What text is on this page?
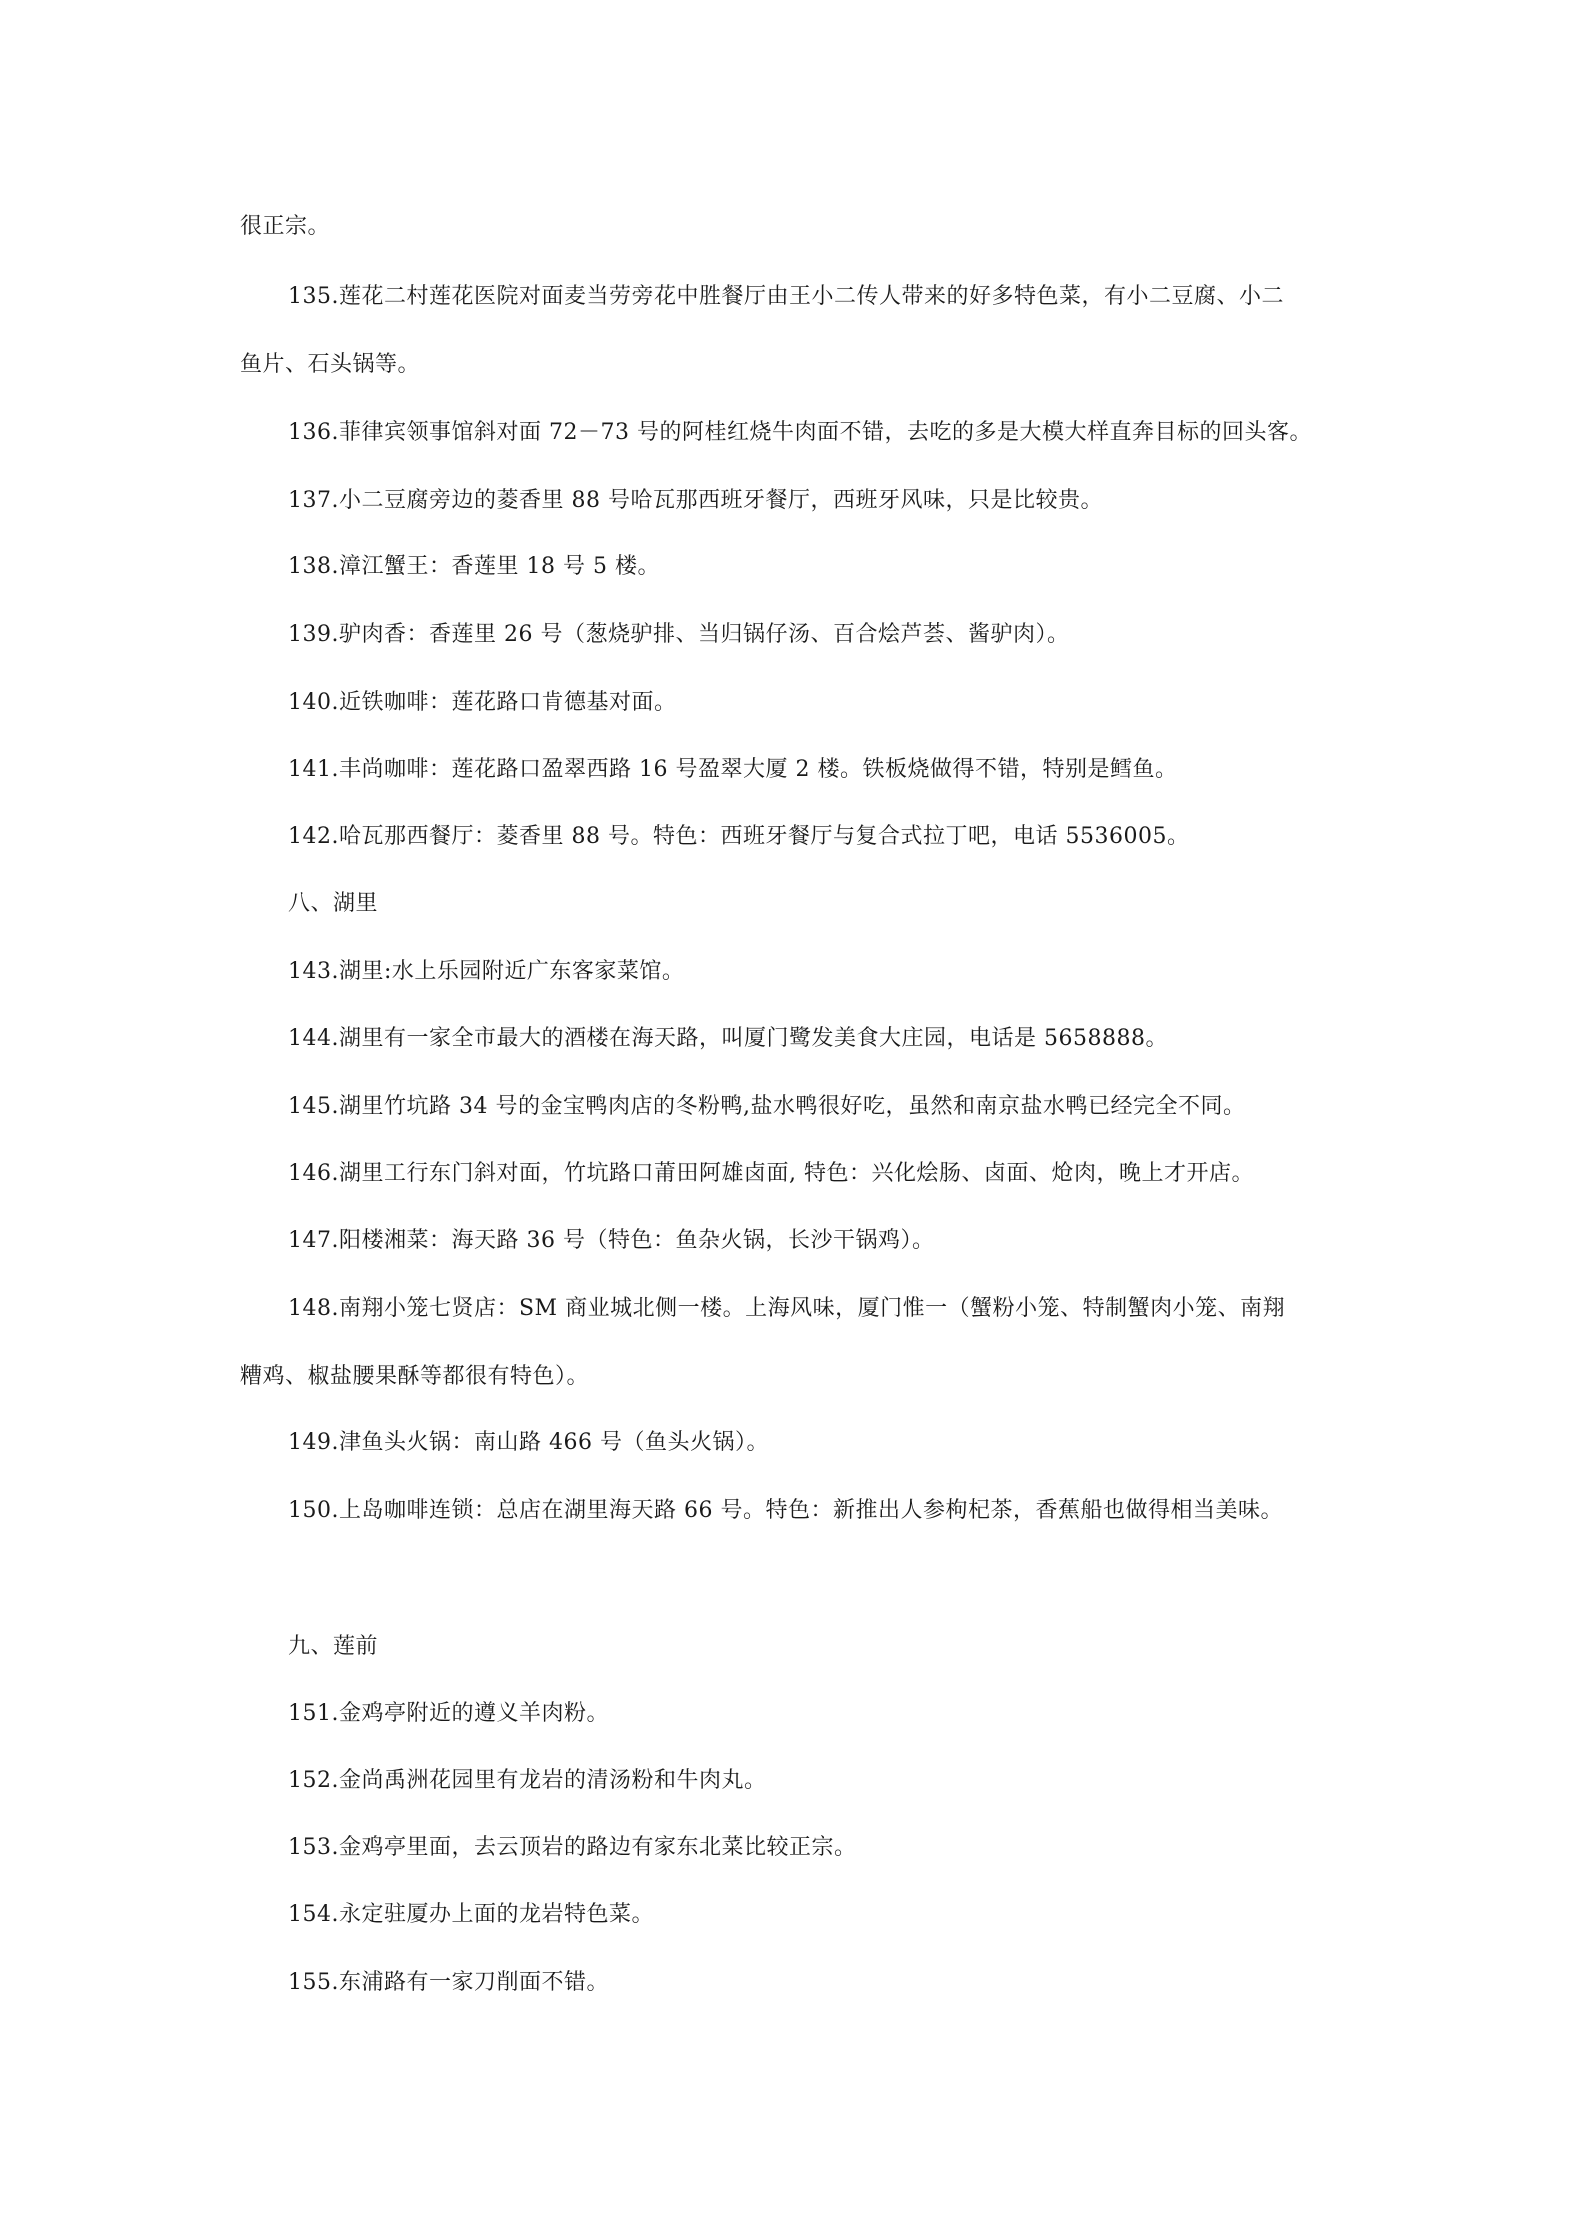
很正宗。

135.莲花二村莲花医院对面麦当劳旁花中胜餐厅由王小二传人带来的好多特色菜，有小二豆腐、小二

鱼片、石头锅等。

136.菲律宾领事馆斜对面 72－73 号的阿桂红烧牛肉面不错，去吃的多是大模大样直奔目标的回头客。

137.小二豆腐旁边的菱香里 88 号哈瓦那西班牙餐厅，西班牙风味，只是比较贵。

138.漳江蟹王：香莲里 18 号 5 楼。

139.驴肉香：香莲里 26 号（葱烧驴排、当归锅仔汤、百合烩芦荟、酱驴肉）。

140.近铁咖啡：莲花路口肯德基对面。

141.丰尚咖啡：莲花路口盈翠西路 16 号盈翠大厦 2 楼。铁板烧做得不错，特别是鳕鱼。

142.哈瓦那西餐厅：菱香里 88 号。特色：西班牙餐厅与复合式拉丁吧，电话 5536005。

八、湖里

143.湖里:水上乐园附近广东客家菜馆。

144.湖里有一家全市最大的酒楼在海天路，叫厦门鹭发美食大庄园，电话是 5658888。

145.湖里竹坑路 34 号的金宝鸭肉店的冬粉鸭,盐水鸭很好吃，虽然和南京盐水鸭已经完全不同。

146.湖里工行东门斜对面，竹坑路口莆田阿雄卤面, 特色：兴化烩肠、卤面、炝肉，晚上才开店。

147.阳楼湘菜：海天路 36 号（特色：鱼杂火锅，长沙干锅鸡）。

148.南翔小笼七贤店：SM 商业城北侧一楼。上海风味，厦门惟一（蟹粉小笼、特制蟹肉小笼、南翔

糟鸡、椒盐腰果酥等都很有特色）。

149.津鱼头火锅：南山路 466 号（鱼头火锅）。

150.上岛咖啡连锁：总店在湖里海天路 66 号。特色：新推出人参枸杞茶，香蕉船也做得相当美味。

九、莲前

151.金鸡亭附近的遵义羊肉粉。

152.金尚禹洲花园里有龙岩的清汤粉和牛肉丸。

153.金鸡亭里面，去云顶岩的路边有家东北菜比较正宗。

154.永定驻厦办上面的龙岩特色菜。

155.东浦路有一家刀削面不错。
